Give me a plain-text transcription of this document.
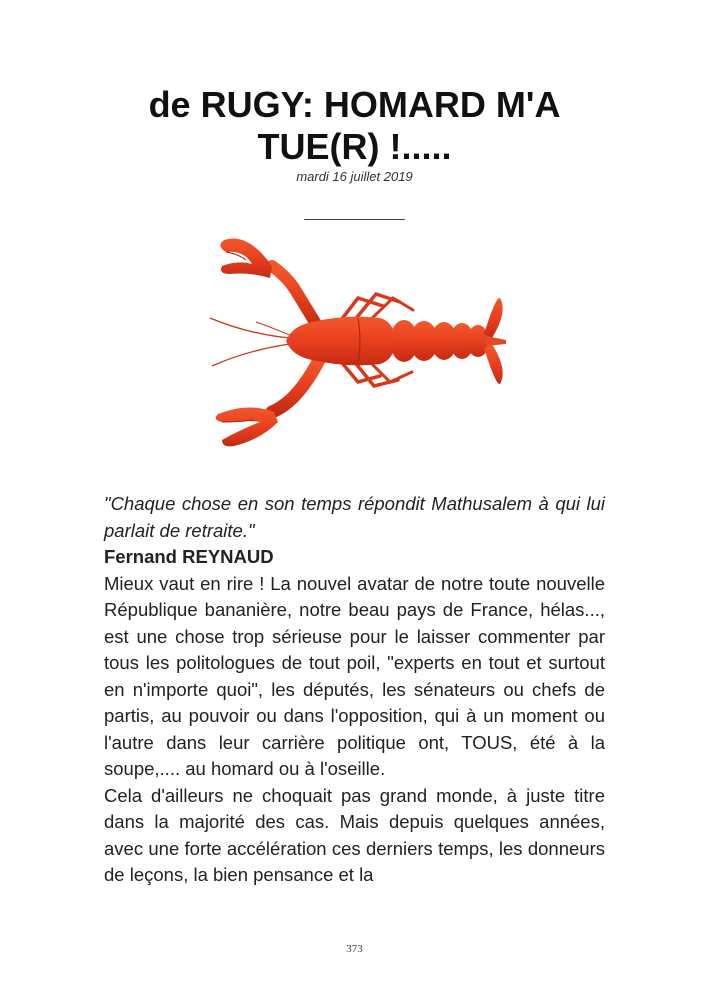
de RUGY: HOMARD M'A TUE(R) !.....
mardi 16 juillet 2019
____________

"Chaque chose en son temps répondit Mathusalem à qui lui parlait de retraite."

Fernand REYNAUD

Mieux vaut en rire ! La nouvel avatar de notre toute nouvelle République bananière, notre beau pays de France, hélas..., est une chose trop sérieuse pour le laisser commenter par tous les politologues de tout poil, "experts en tout et surtout en n'importe quoi", les députés, les sénateurs ou chefs de partis, au pouvoir ou dans l'opposition, qui à un moment ou l'autre dans leur carrière politique ont, TOUS, été à la soupe,.... au homard ou à l'oseille.

Cela d'ailleurs ne choquait pas grand monde, à juste titre dans la majorité des cas. Mais depuis quelques années, avec une forte accélération ces derniers temps, les donneurs de leçons, la bien pensance et la

373
